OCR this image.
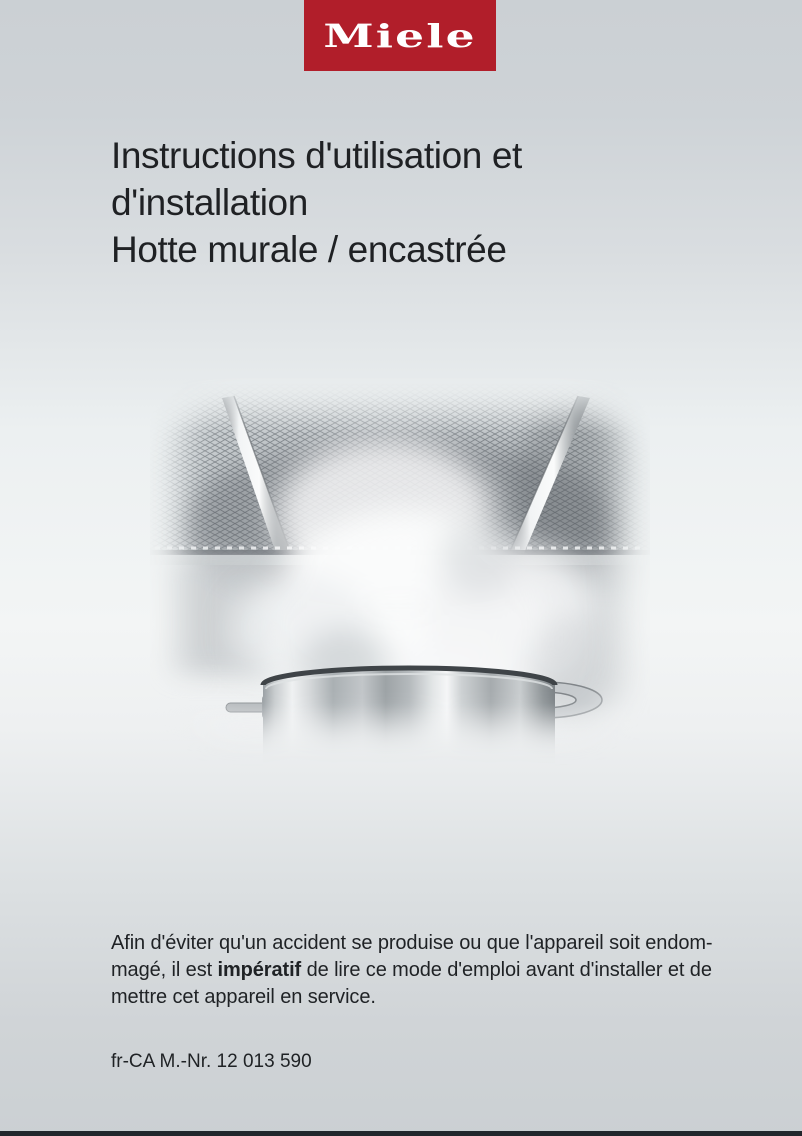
Miele
Instructions d'utilisation et
d'installation
Hotte murale / encastrée
Afin d'éviter qu'un accident se produise ou que l'appareil soit endom-
magé, il est impératif de lire ce mode d'emploi avant d'installer et de
mettre cet appareil en service.
fr-CA M.-Nr. 12 013 590
